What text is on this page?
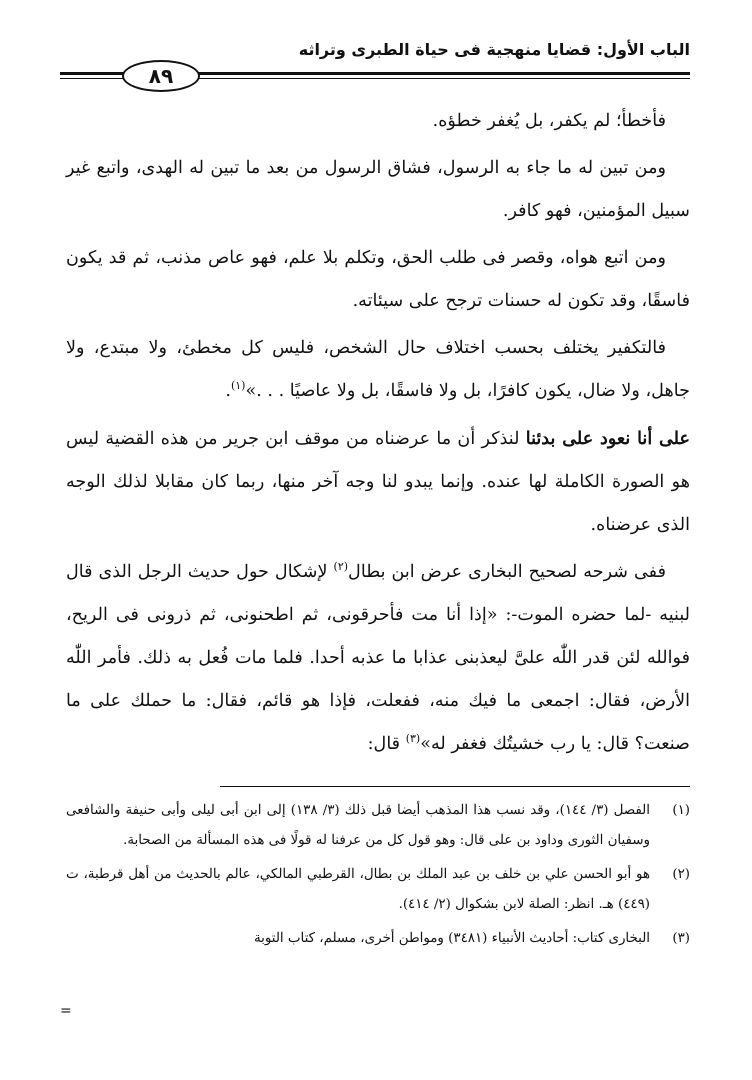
الباب الأول: قضايا منهجية فى حياة الطبرى وتراثه
٨٩

فأخطأ؛ لم يكفر، بل يُغفر خطؤه.

ومن تبين له ما جاء به الرسول، فشاق الرسول من بعد ما تبين له الهدى، واتبع غير سبيل المؤمنين، فهو كافر.

ومن اتبع هواه، وقصر فى طلب الحق، وتكلم بلا علم، فهو عاص مذنب، ثم قد يكون فاسقًا، وقد تكون له حسنات ترجح على سيئاته.

فالتكفير يختلف بحسب اختلاف حال الشخص، فليس كل مخطئ، ولا مبتدع، ولا جاهل، ولا ضال، يكون كافرًا، بل ولا فاسقًا، بل ولا عاصيًا . . .»$^{(١)}$.

على أنا نعود على بدئنا لنذكر أن ما عرضناه من موقف ابن جرير من هذه القضية ليس هو الصورة الكاملة لها عنده. وإنما يبدو لنا وجه آخر منها، ربما كان مقابلا لذلك الوجه الذى عرضناه.

ففى شرحه لصحيح البخارى عرض ابن بطال$^{(٢)}$ لإشكال حول حديث الرجل الذى قال لبنيه -لما حضره الموت-: «إذا أنا مت فأحرقونى، ثم اطحنونى، ثم ذرونى فى الريح، فوالله لئن قدر اللّٰه علىَّ ليعذبنى عذابا ما عذبه أحدا. فلما مات فُعل به ذلك. فأمر اللّٰه الأرض، فقال: اجمعى ما فيك منه، ففعلت، فإذا هو قائم، فقال: ما حملك على ما صنعت؟ قال: يا رب خشيتُك فغفر له»$^{(٣)}$ قال:

(١)
الفصل (٣/ ١٤٤)، وقد نسب هذا المذهب أيضا قبل ذلك (٣/ ١٣٨) إلى ابن أبى ليلى وأبى حنيفة والشافعى وسفيان الثورى وداود بن على قال: وهو قول كل من عرفنا له قولًا فى هذه المسألة من الصحابة.
(٢)
هو أبو الحسن علي بن خلف بن عبد الملك بن بطال، القرطبي المالكي، عالم بالحديث من أهل قرطبة، ت (٤٤٩) هـ. انظر: الصلة لابن بشكوال (٢/ ٤١٤).
(٣)
البخارى كتاب: أحاديث الأنبياء (٣٤٨١) ومواطن أخرى، مسلم، كتاب التوبة
=
